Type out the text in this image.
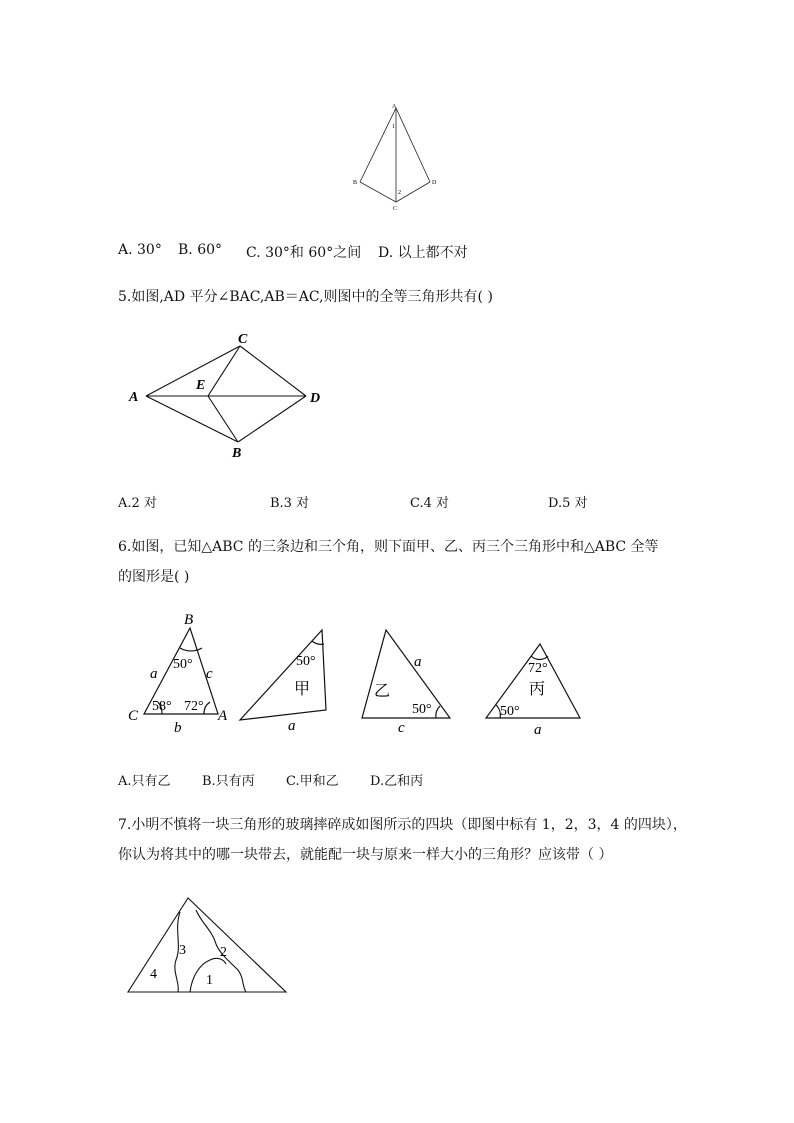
A
1
B	D
2
C
A. 30° B. 60° C. 30°和 60°之间 D. 以上都不对
5.如图,AD 平分∠BAC,AB＝AC,则图中的全等三角形共有( )
C
E
A	D
B
A.2 对	B.3 对	C.4 对	D.5 对
6.如图，已知△ABC 的三条边和三个角，则下面甲、乙、丙三个三角形中和△ABC 全等
的图形是( )
B
C	A
a	c
b
50°
58° 72°
50°
甲
a
a
乙
50°
c
72°
丙
50°
a
A.只有乙 B.只有丙 C.甲和乙 D.乙和丙
7.小明不慎将一块三角形的玻璃摔碎成如图所示的四块（即图中标有 1，2，3，4 的四块），
你认为将其中的哪一块带去，就能配一块与原来一样大小的三角形？应该带（ ）
3 2
4	1
